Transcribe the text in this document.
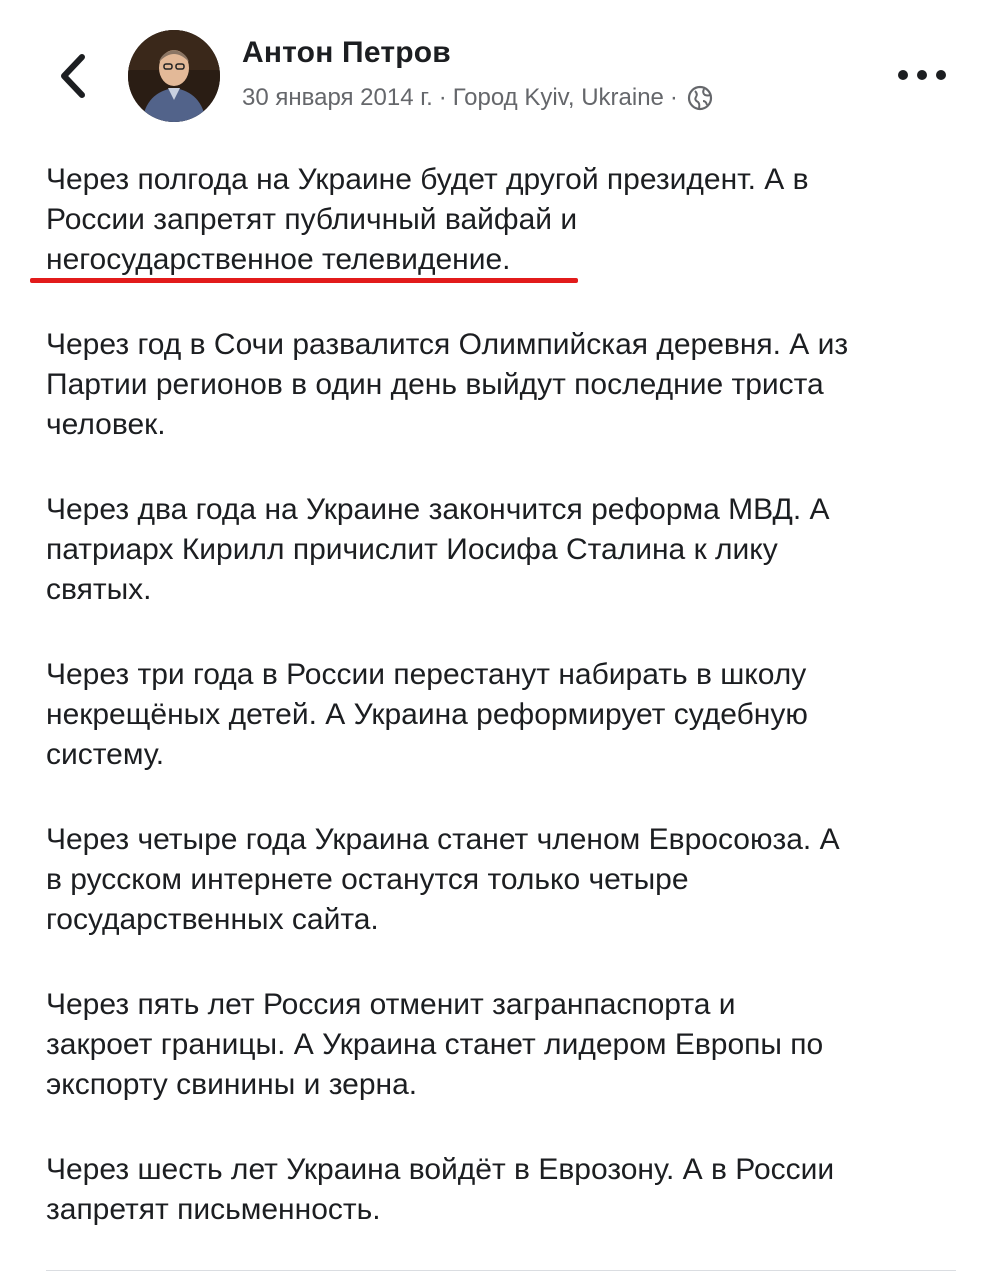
Антон Петров
30 января 2014 г. · Город Kyiv, Ukraine ·

Через полгода на Украине будет другой президент. А в
России запретят публичный вайфай и
негосударственное телевидение.

Через год в Сочи развалится Олимпийская деревня. А из
Партии регионов в один день выйдут последние триста
человек.

Через два года на Украине закончится реформа МВД. А
патриарх Кирилл причислит Иосифа Сталина к лику
святых.

Через три года в России перестанут набирать в школу
некрещёных детей. А Украина реформирует судебную
систему.

Через четыре года Украина станет членом Евросоюза. А
в русском интернете останутся только четыре
государственных сайта.

Через пять лет Россия отменит загранпаспорта и
закроет границы. А Украина станет лидером Европы по
экспорту свинины и зерна.

Через шесть лет Украина войдёт в Еврозону. А в России
запретят письменность.
